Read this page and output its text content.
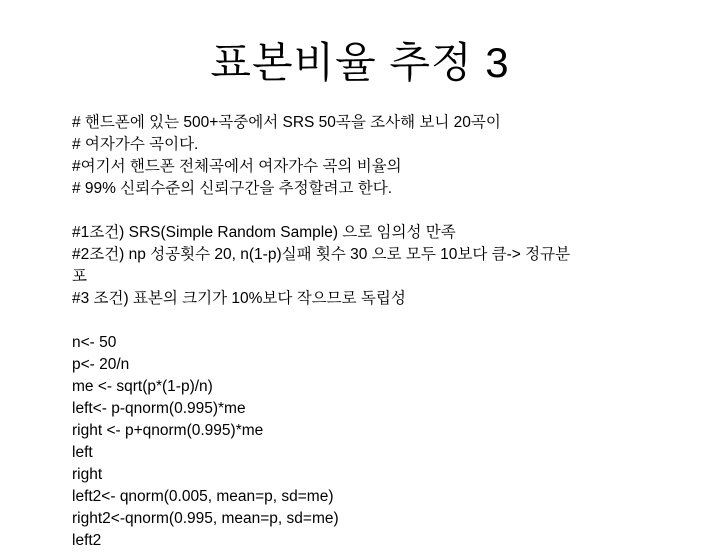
표본비율 추정 3
# 핸드폰에 있는 500+곡중에서 SRS 50곡을 조사해 보니 20곡이
# 여자가수 곡이다.
#여기서 핸드폰 전체곡에서 여자가수 곡의 비율의
# 99% 신뢰수준의 신뢰구간을 추정할려고 한다.
#1조건) SRS(Simple Random Sample) 으로 임의성 만족
#2조건) np 성공횟수 20, n(1-p)실패 횟수 30 으로 모두 10보다 큼-> 정규분
포
#3 조건) 표본의 크기가 10%보다 작으므로 독립성
n<- 50
p<- 20/n
me <- sqrt(p*(1-p)/n)
left<- p-qnorm(0.995)*me
right <- p+qnorm(0.995)*me
left
right
left2<- qnorm(0.005, mean=p, sd=me)
right2<-qnorm(0.995, mean=p, sd=me)
left2
